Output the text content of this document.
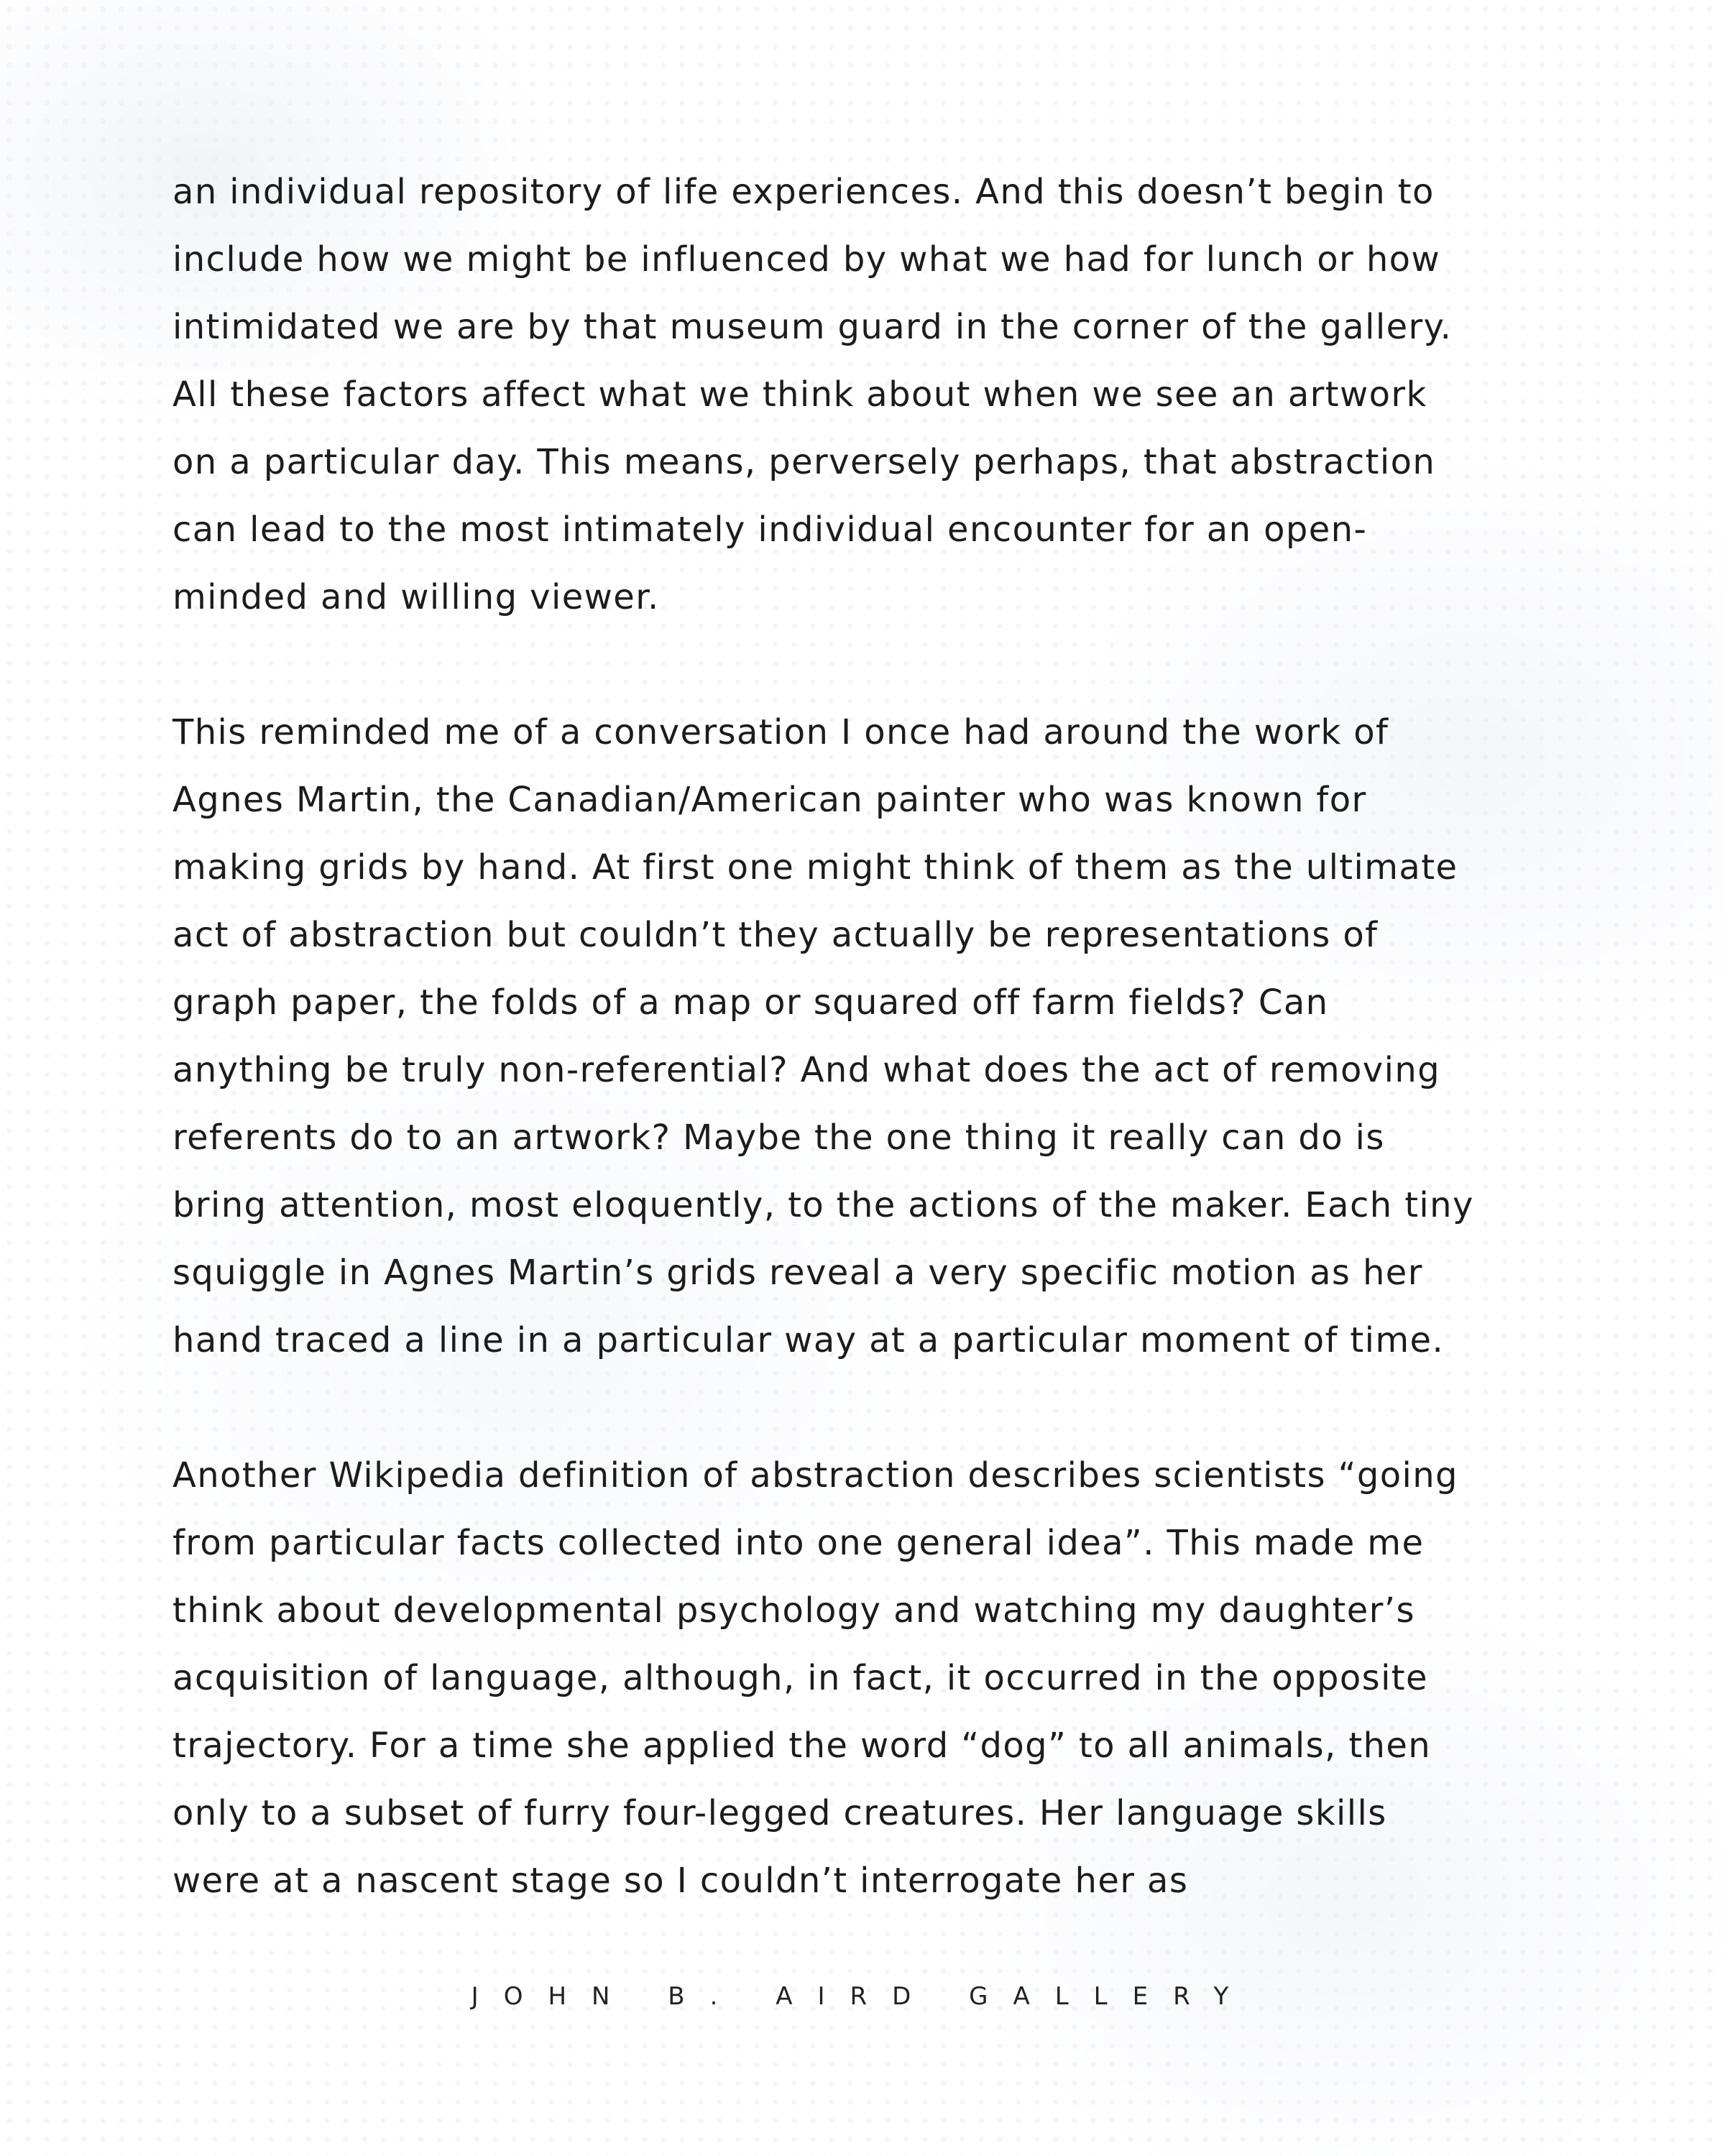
an individual repository of life experiences. And this doesn’t begin to
include how we might be influenced by what we had for lunch or how
intimidated we are by that museum guard in the corner of the gallery.
All these factors affect what we think about when we see an artwork
on a particular day. This means, perversely perhaps, that abstraction
can lead to the most intimately individual encounter for an open-
minded and willing viewer.

This reminded me of a conversation I once had around the work of
Agnes Martin, the Canadian/American painter who was known for
making grids by hand. At first one might think of them as the ultimate
act of abstraction but couldn’t they actually be representations of
graph paper, the folds of a map or squared off farm fields? Can
anything be truly non-referential? And what does the act of removing
referents do to an artwork? Maybe the one thing it really can do is
bring attention, most eloquently, to the actions of the maker. Each tiny
squiggle in Agnes Martin’s grids reveal a very specific motion as her
hand traced a line in a particular way at a particular moment of time.

Another Wikipedia definition of abstraction describes scientists “going
from particular facts collected into one general idea”. This made me
think about developmental psychology and watching my daughter’s
acquisition of language, although, in fact, it occurred in the opposite
trajectory. For a time she applied the word “dog” to all animals, then
only to a subset of furry four-legged creatures. Her language skills
were at a nascent stage so I couldn’t interrogate her as

JOHN B. AIRD GALLERY
